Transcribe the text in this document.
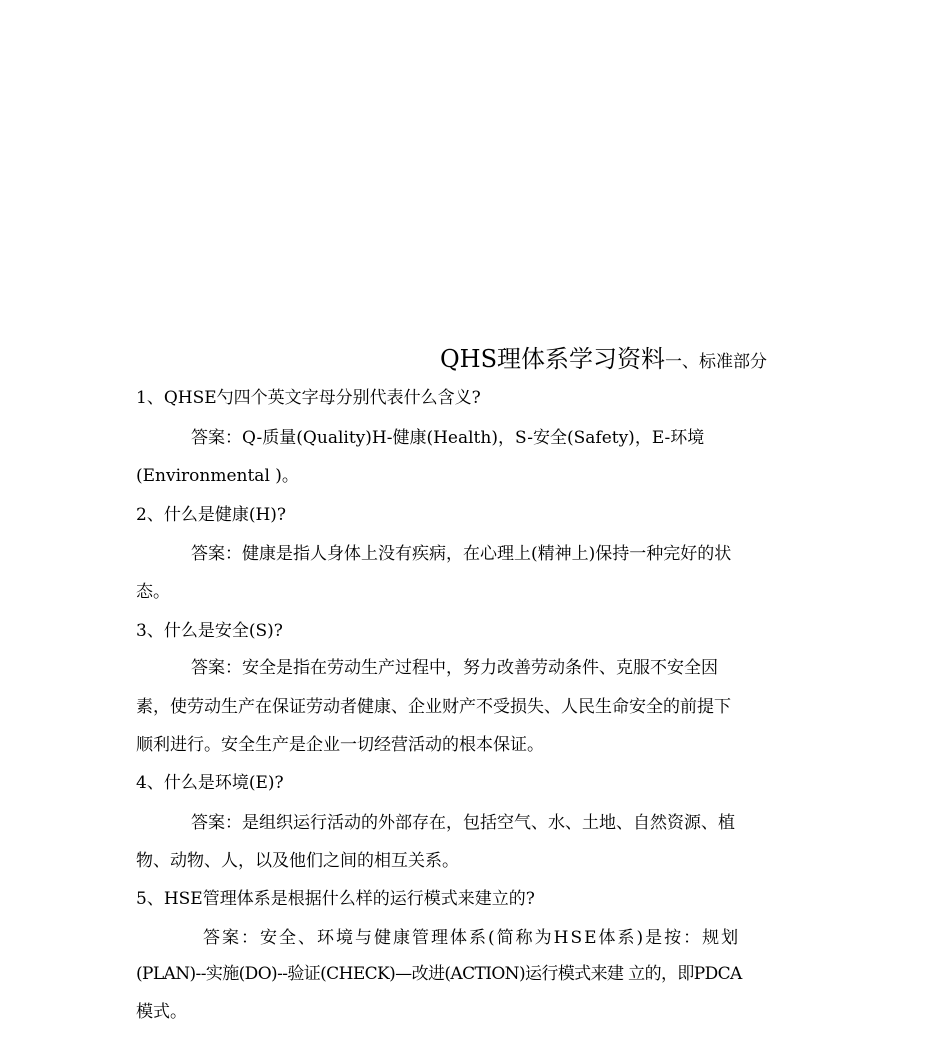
QHS理体系学习资料一、标准部分
1、QHSE勺四个英文字母分别代表什么含义?
答案：Q-质量(Quality)H-健康(Health)，S-安全(Safety)，E-环境
(Environmental )。
2、什么是健康(H)?
答案：健康是指人身体上没有疾病，在心理上(精神上)保持一种完好的状
态。
3、什么是安全(S)?
答案：安全是指在劳动生产过程中，努力改善劳动条件、克服不安全因
素，使劳动生产在保证劳动者健康、企业财产不受损失、人民生命安全的前提下
顺利进行。安全生产是企业一切经营活动的根本保证。
4、什么是环境(E)?
答案：是组织运行活动的外部存在，包括空气、水、土地、自然资源、植
物、动物、人，以及他们之间的相互关系。
5、HSE管理体系是根据什么样的运行模式来建立的?
答案：安全、环境与健康管理体系(简称为HSE体系)是按：规划
(PLAN)--实施(DO)--验证(CHECK)—改进(ACTION)运行模式来建 立的，即PDCA
模式。
